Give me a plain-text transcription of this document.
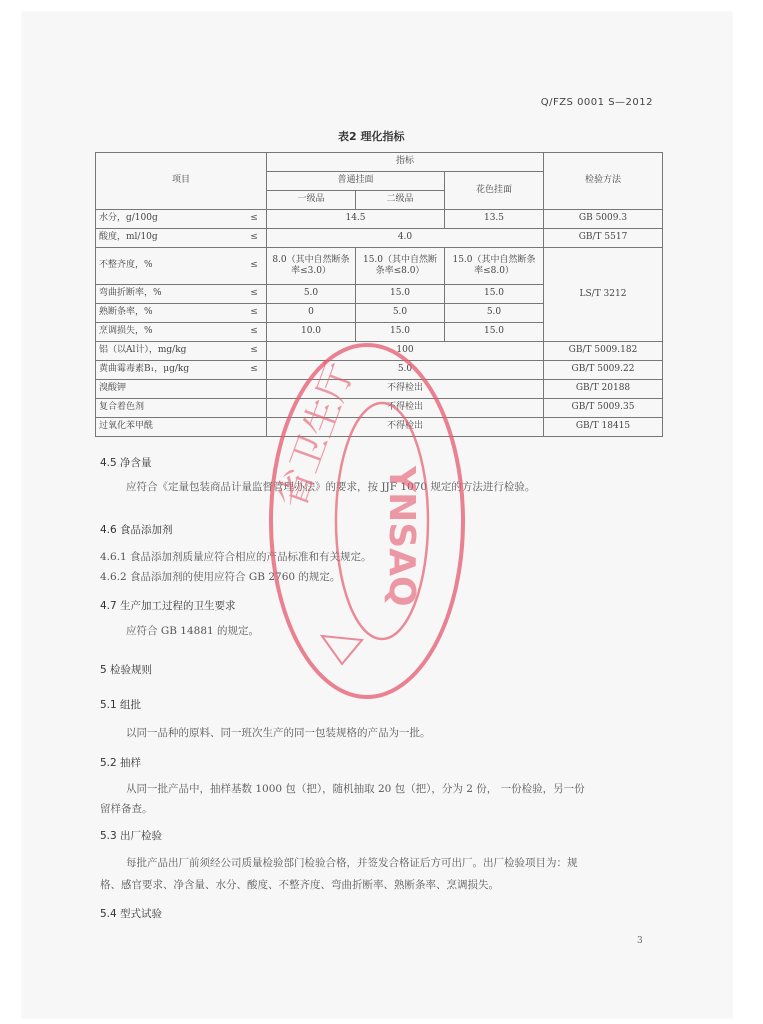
Q/FZS 0001 S—2012
表2 理化指标
项目		指标			检验方法
		普通挂面		花色挂面	
		一级品	二级品		
水分，g/100g	≤	14.5		13.5	GB 5009.3
酸度，ml/10g	≤	4.0			GB/T 5517
不整齐度，%	≤	8.0（其中自然断条率≤3.0）	15.0（其中自然断条率≤8.0）	15.0（其中自然断条率≤8.0）	LS/T 3212
弯曲折断率，%	≤	5.0	15.0	15.0	
熟断条率，%	≤	0	5.0	5.0	
烹调损失，%	≤	10.0	15.0	15.0	
铝（以Al计），mg/kg	≤	100			GB/T 5009.182
黄曲霉毒素B₁，μg/kg	≤	5.0			GB/T 5009.22
溴酸钾		不得检出			GB/T 20188
复合着色剂		不得检出			GB/T 5009.35
过氧化苯甲酰		不得检出			GB/T 18415
4.5 净含量
应符合《定量包装商品计量监督管理办法》的要求，按 JJF 1070 规定的方法进行检验。
4.6 食品添加剂
4.6.1 食品添加剂质量应符合相应的产品标准和有关规定。
4.6.2 食品添加剂的使用应符合 GB 2760 的规定。
4.7 生产加工过程的卫生要求
应符合 GB 14881 的规定。
5 检验规则
5.1 组批
以同一品种的原料、同一班次生产的同一包装规格的产品为一批。
5.2 抽样
从同一批产品中，抽样基数 1000 包（把），随机抽取 20 包（把），分为 2 份， 一份检验，另一份
留样备查。
5.3 出厂检验
每批产品出厂前须经公司质量检验部门检验合格，并签发合格证后方可出厂。出厂检验项目为：规
格、感官要求、净含量、水分、酸度、不整齐度、弯曲折断率、熟断条率、烹调损失。
5.4 型式试验
3
省卫生厅
YNSAQ
